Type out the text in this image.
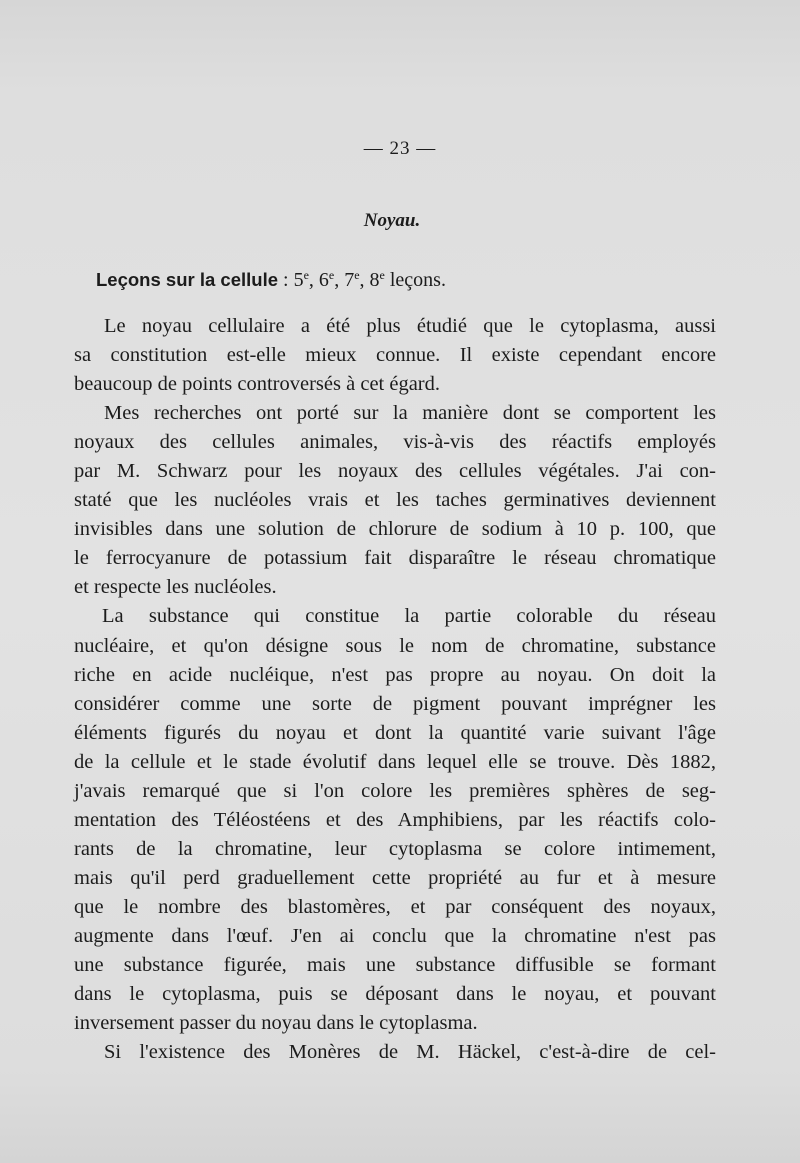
— 23 —
Noyau.
Leçons sur la cellule : 5e, 6e, 7e, 8e leçons.
Le noyau cellulaire a été plus étudié que le cytoplasma, aussi
sa constitution est-elle mieux connue. Il existe cependant encore
beaucoup de points controversés à cet égard.
Mes recherches ont porté sur la manière dont se comportent les
noyaux des cellules animales, vis-à-vis des réactifs employés
par M. Schwarz pour les noyaux des cellules végétales. J'ai con-
staté que les nucléoles vrais et les taches germinatives deviennent
invisibles dans une solution de chlorure de sodium à 10 p. 100, que
le ferrocyanure de potassium fait disparaître le réseau chromatique
et respecte les nucléoles.
La substance qui constitue la partie colorable du réseau
nucléaire, et qu'on désigne sous le nom de chromatine, substance
riche en acide nucléique, n'est pas propre au noyau. On doit la
considérer comme une sorte de pigment pouvant imprégner les
éléments figurés du noyau et dont la quantité varie suivant l'âge
de la cellule et le stade évolutif dans lequel elle se trouve. Dès 1882,
j'avais remarqué que si l'on colore les premières sphères de seg-
mentation des Téléostéens et des Amphibiens, par les réactifs colo-
rants de la chromatine, leur cytoplasma se colore intimement,
mais qu'il perd graduellement cette propriété au fur et à mesure
que le nombre des blastomères, et par conséquent des noyaux,
augmente dans l'œuf. J'en ai conclu que la chromatine n'est pas
une substance figurée, mais une substance diffusible se formant
dans le cytoplasma, puis se déposant dans le noyau, et pouvant
inversement passer du noyau dans le cytoplasma.
Si l'existence des Monères de M. Häckel, c'est-à-dire de cel-
